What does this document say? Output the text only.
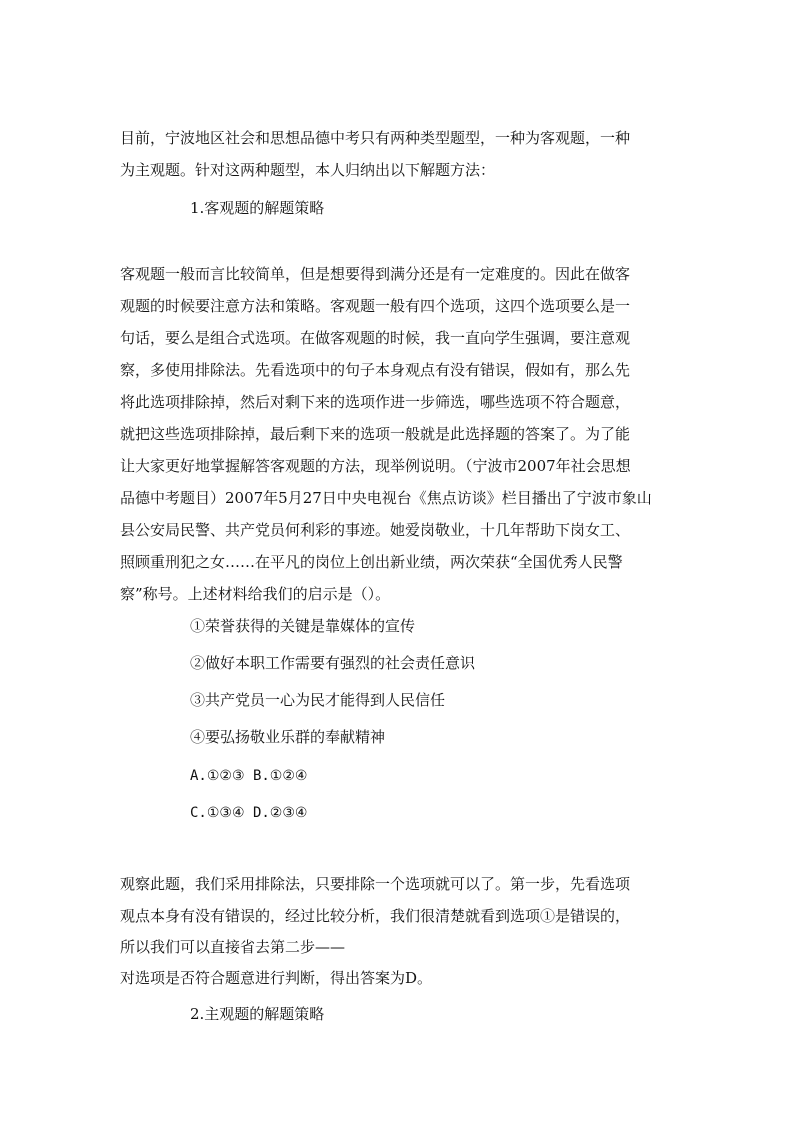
目前，宁波地区社会和思想品德中考只有两种类型题型，一种为客观题，一种
为主观题。针对这两种题型，本人归纳出以下解题方法：
1.客观题的解题策略
客观题一般而言比较简单，但是想要得到满分还是有一定难度的。因此在做客
观题的时候要注意方法和策略。客观题一般有四个选项，这四个选项要么是一
句话，要么是组合式选项。在做客观题的时候，我一直向学生强调，要注意观
察，多使用排除法。先看选项中的句子本身观点有没有错误，假如有，那么先
将此选项排除掉，然后对剩下来的选项作进一步筛选，哪些选项不符合题意，
就把这些选项排除掉，最后剩下来的选项一般就是此选择题的答案了。为了能
让大家更好地掌握解答客观题的方法，现举例说明。（宁波市2007年社会思想
品德中考题目）2007年5月27日中央电视台《焦点访谈》栏目播出了宁波市象山
县公安局民警、共产党员何利彩的事迹。她爱岗敬业，十几年帮助下岗女工、
照顾重刑犯之女……在平凡的岗位上创出新业绩，两次荣获“全国优秀人民警
察”称号。上述材料给我们的启示是（）。
①荣誉获得的关键是靠媒体的宣传
②做好本职工作需要有强烈的社会责任意识
③共产党员一心为民才能得到人民信任
④要弘扬敬业乐群的奉献精神
A.①②③ B.①②④
C.①③④ D.②③④
观察此题，我们采用排除法，只要排除一个选项就可以了。第一步，先看选项
观点本身有没有错误的，经过比较分析，我们很清楚就看到选项①是错误的，
所以我们可以直接省去第二步——
对选项是否符合题意进行判断，得出答案为D。
2.主观题的解题策略
